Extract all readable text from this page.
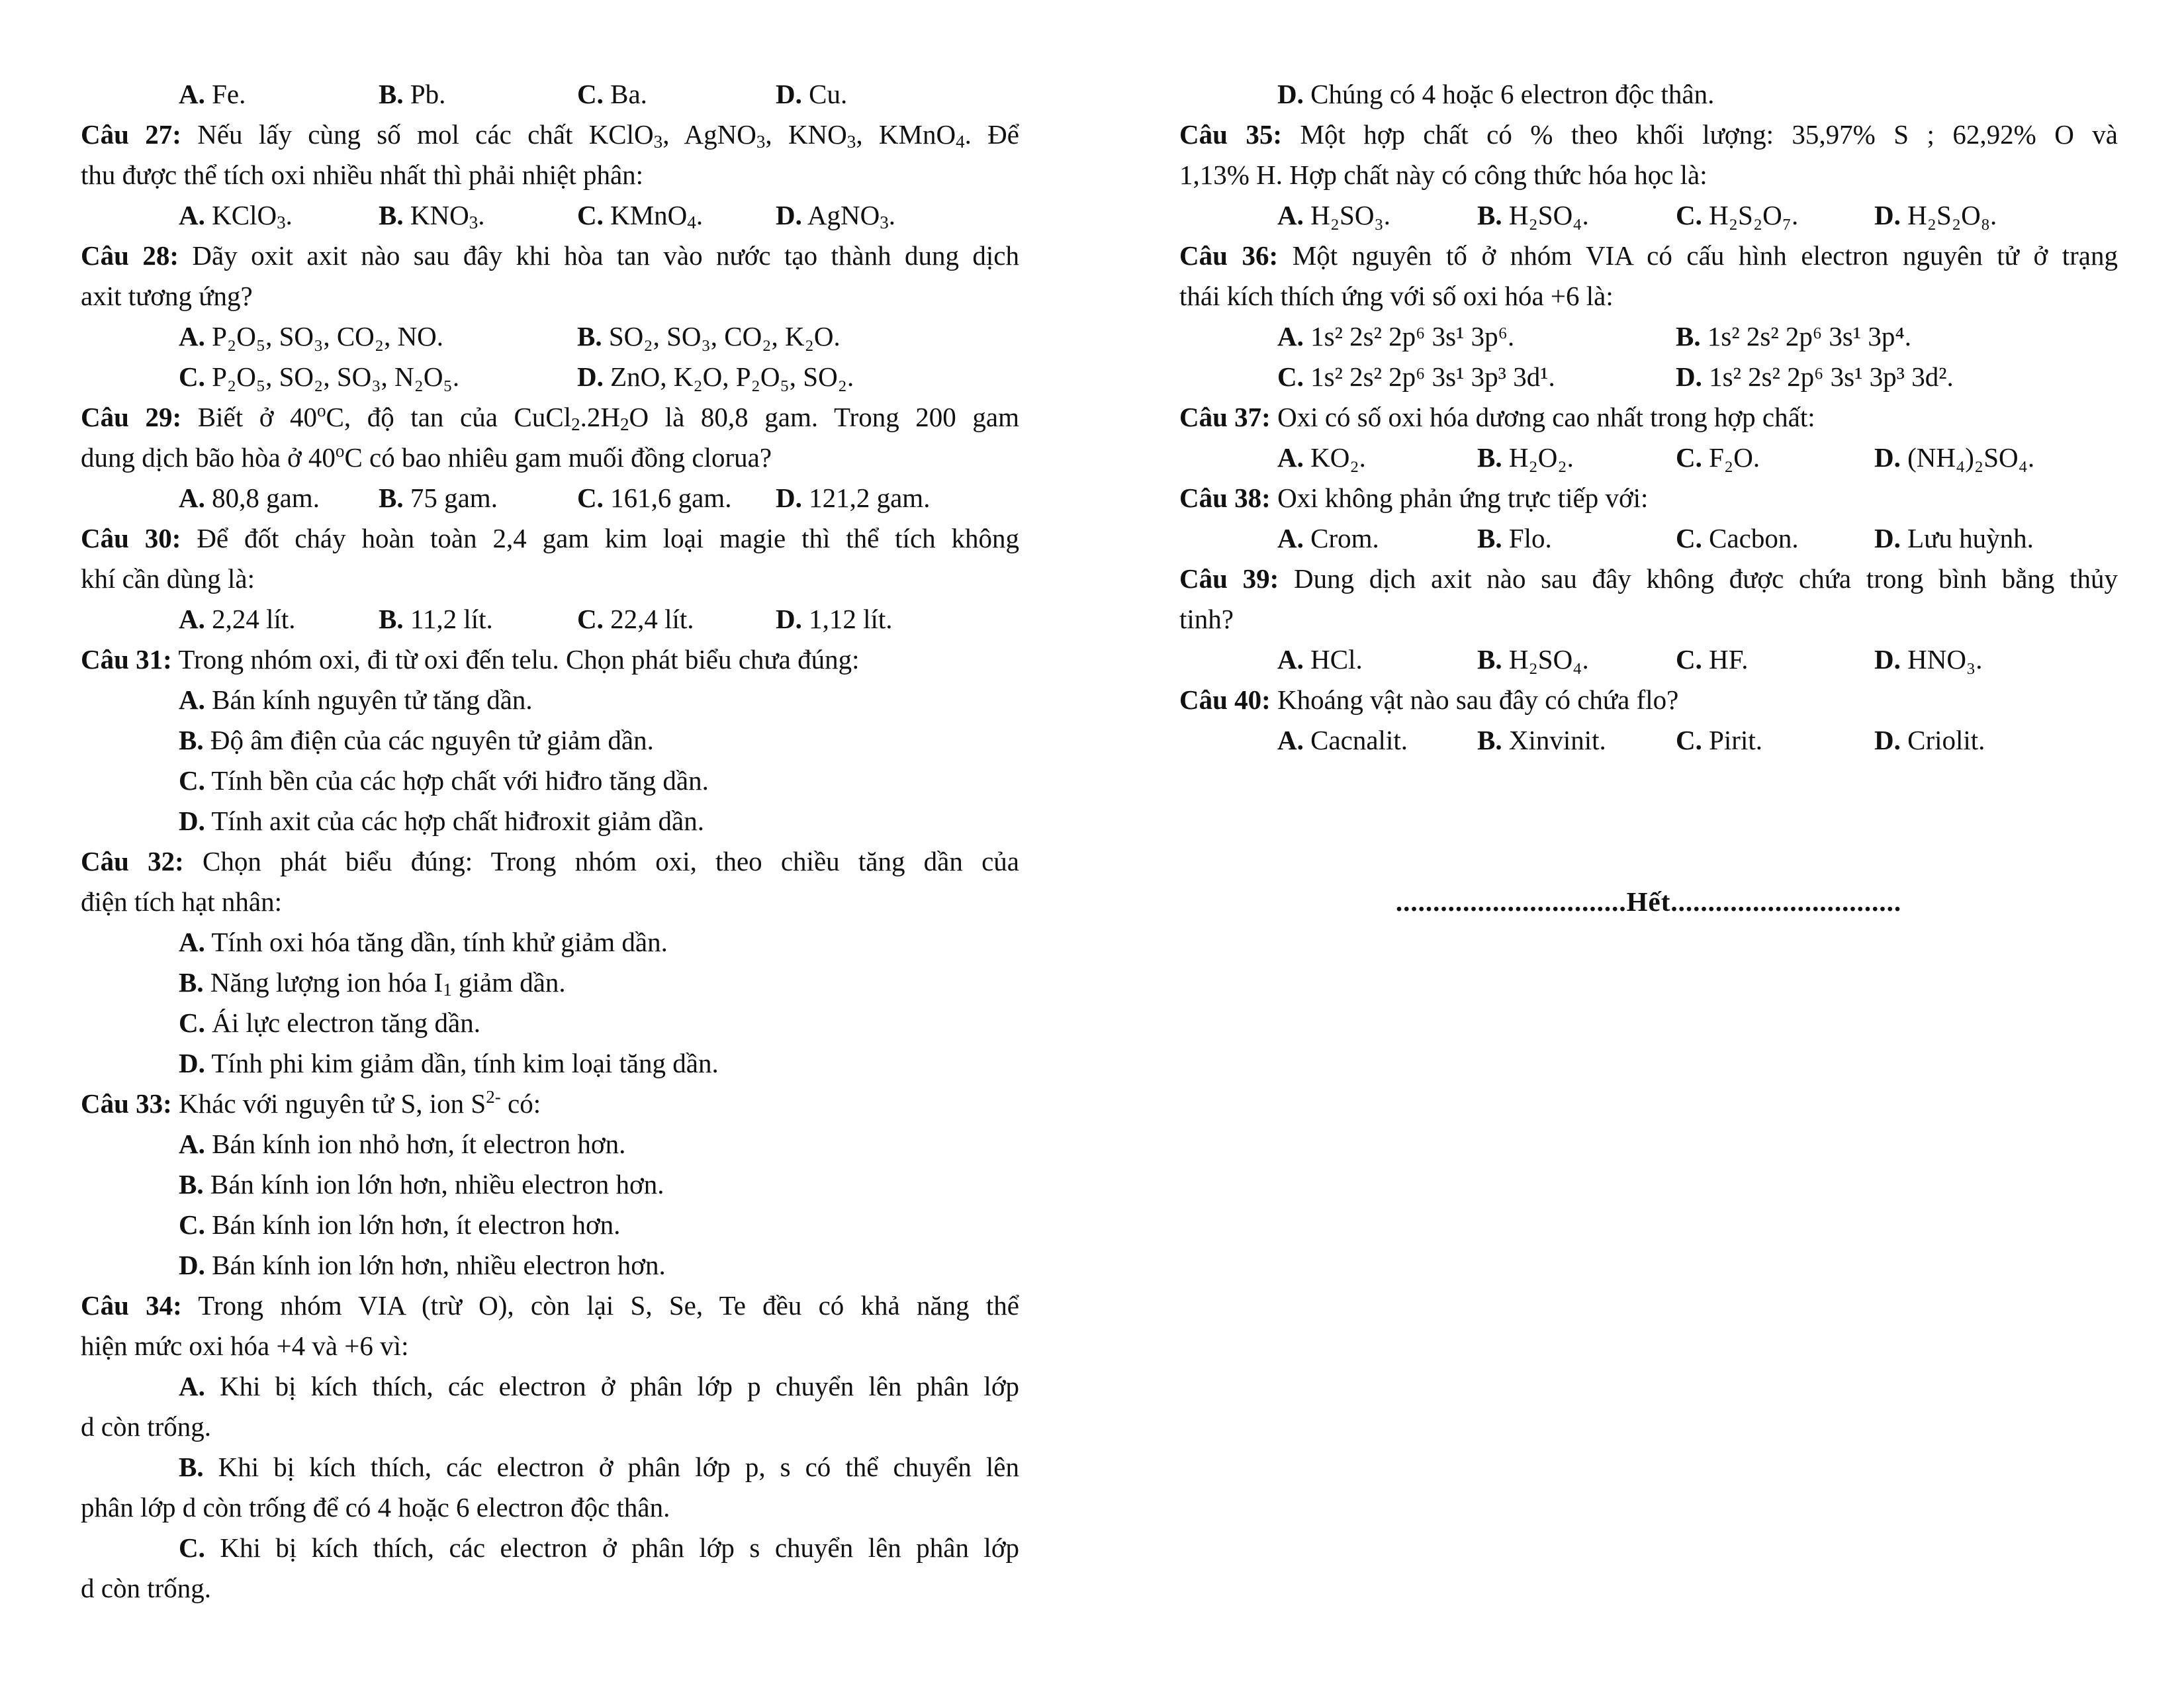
A. Fe.	B. Pb.	C. Ba.	D. Cu.
Câu 27: Nếu lấy cùng số mol các chất KClO$_3$, AgNO$_3$, $KNO_3$, KMnO$_4$. Để
thu được thể tích oxi nhiều nhất thì phải nhiệt phân:
A. KClO$_3$.	B. $KNO_3$.	C. KMnO$_4$.	D. AgNO$_3$.
Câu 28: Dãy oxit axit nào sau đây khi hòa tan vào nước tạo thành dung dịch
axit tương ứng?
A. P₂O₅, SO₃, CO₂, NO.	B. SO₂, SO₃, CO₂, K₂O.
C. P₂O₅, SO₂, SO₃, N₂O₅.	D. ZnO, K₂O, P₂O₅, SO₂.
Câu 29: Biết ở 40$^o$C, độ tan của $CuCl_2.2H_2O$ là 80,8 gam. Trong 200 gam
dung dịch bão hòa ở 40$^o$C có bao nhiêu gam muối đồng clorua?
A. 80,8 gam. B. 75 gam.	C. 161,6 gam. D. 121,2 gam.
Câu 30: Để đốt cháy hoàn toàn 2,4 gam kim loại magie thì thể tích không
khí cần dùng là:
A. 2,24 lít.	B. 11,2 lít.	C. 22,4 lít.	D. 1,12 lít.
Câu 31: Trong nhóm oxi, đi từ oxi đến telu. Chọn phát biểu chưa đúng:
A. Bán kính nguyên tử tăng dần.
B. Độ âm điện của các nguyên tử giảm dần.
C. Tính bền của các hợp chất với hiđro tăng dần.
D. Tính axit của các hợp chất hiđroxit giảm dần.
Câu 32: Chọn phát biểu đúng: Trong nhóm oxi, theo chiều tăng dần của
điện tích hạt nhân:
A. Tính oxi hóa tăng dần, tính khử giảm dần.
B. Năng lượng ion hóa $I_1$ giảm dần.
C. Ái lực electron tăng dần.
D. Tính phi kim giảm dần, tính kim loại tăng dần.
Câu 33: Khác với nguyên tử S, ion $S^{2-}$ có:
A. Bán kính ion nhỏ hơn, ít electron hơn.
B. Bán kính ion lớn hơn, nhiều electron hơn.
C. Bán kính ion lớn hơn, ít electron hơn.
D. Bán kính ion lớn hơn, nhiều electron hơn.
Câu 34: Trong nhóm VIA (trừ O), còn lại S, Se, Te đều có khả năng thể
hiện mức oxi hóa +4 và +6 vì:
A. Khi bị kích thích, các electron ở phân lớp p chuyển lên phân lớp
d còn trống.
B. Khi bị kích thích, các electron ở phân lớp p, s có thể chuyển lên
phân lớp d còn trống để có 4 hoặc 6 electron độc thân.
C. Khi bị kích thích, các electron ở phân lớp s chuyển lên phân lớp
d còn trống.
D. Chúng có 4 hoặc 6 electron độc thân.
Câu 35: Một hợp chất có % theo khối lượng: 35,97% S ; 62,92% O và
1,13% H. Hợp chất này có công thức hóa học là:
A. H₂SO₃.	B. H₂SO₄.	C. H₂S₂O₇.	D. H₂S₂O₈.
Câu 36: Một nguyên tố ở nhóm VIA có cấu hình electron nguyên tử ở trạng
thái kích thích ứng với số oxi hóa +6 là:
A. 1s² 2s² 2p⁶ 3s¹ 3p⁶.	B. 1s² 2s² 2p⁶ 3s¹ 3p⁴.
C. 1s² 2s² 2p⁶ 3s¹ 3p³ 3d¹.	D. 1s² 2s² 2p⁶ 3s¹ 3p³ 3d².
Câu 37: Oxi có số oxi hóa dương cao nhất trong hợp chất:
A. KO₂.	B. H₂O₂.	C. F₂O.	D. (NH₄)₂SO₄.
Câu 38: Oxi không phản ứng trực tiếp với:
A. Crom.	B. Flo.	C. Cacbon.	D. Lưu huỳnh.
Câu 39: Dung dịch axit nào sau đây không được chứa trong bình bằng thủy
tinh?
A. HCl.	B. H₂SO₄.	C. HF.	D. HNO₃.
Câu 40: Khoáng vật nào sau đây có chứa flo?
A. Cacnalit.	B. Xinvinit.	C. Pirit.	D. Criolit.
...............................Hết...............................
